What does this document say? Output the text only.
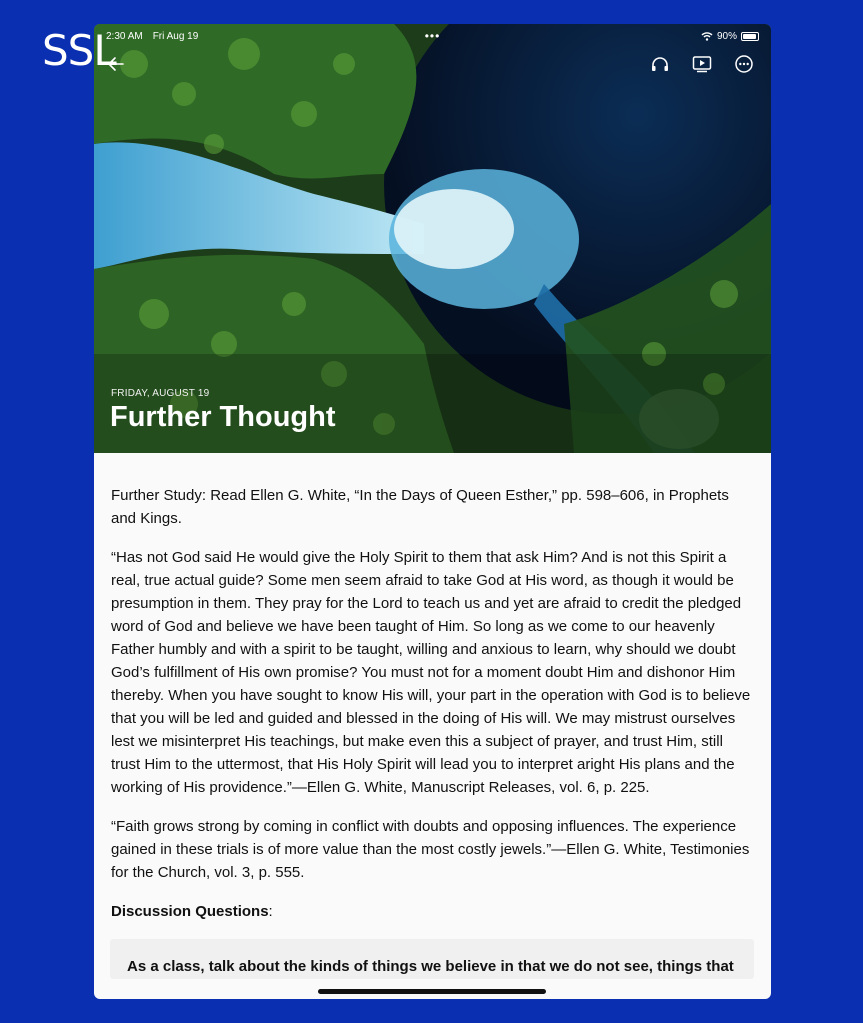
SSL
2:30 AM Fri Aug 19	•••	90%
FRIDAY, AUGUST 19
Further Thought

Further Study: Read Ellen G. White, “In the Days of Queen Esther,” pp. 598–606, in Prophets and Kings.

“Has not God said He would give the Holy Spirit to them that ask Him? And is not this Spirit a real, true actual guide? Some men seem afraid to take God at His word, as though it would be presumption in them. They pray for the Lord to teach us and yet are afraid to credit the pledged word of God and believe we have been taught of Him. So long as we come to our heavenly Father humbly and with a spirit to be taught, willing and anxious to learn, why should we doubt God’s fulfillment of His own promise? You must not for a moment doubt Him and dishonor Him thereby. When you have sought to know His will, your part in the operation with God is to believe that you will be led and guided and blessed in the doing of His will. We may mistrust ourselves lest we misinterpret His teachings, but make even this a subject of prayer, and trust Him, still trust Him to the uttermost, that His Holy Spirit will lead you to interpret aright His plans and the working of His providence.”—Ellen G. White, Manuscript Releases, vol. 6, p. 225.

“Faith grows strong by coming in conflict with doubts and opposing influences. The experience gained in these trials is of more value than the most costly jewels.”—Ellen G. White, Testimonies for the Church, vol. 3, p. 555.

Discussion Questions:

As a class, talk about the kinds of things we believe in that we do not see, things that
